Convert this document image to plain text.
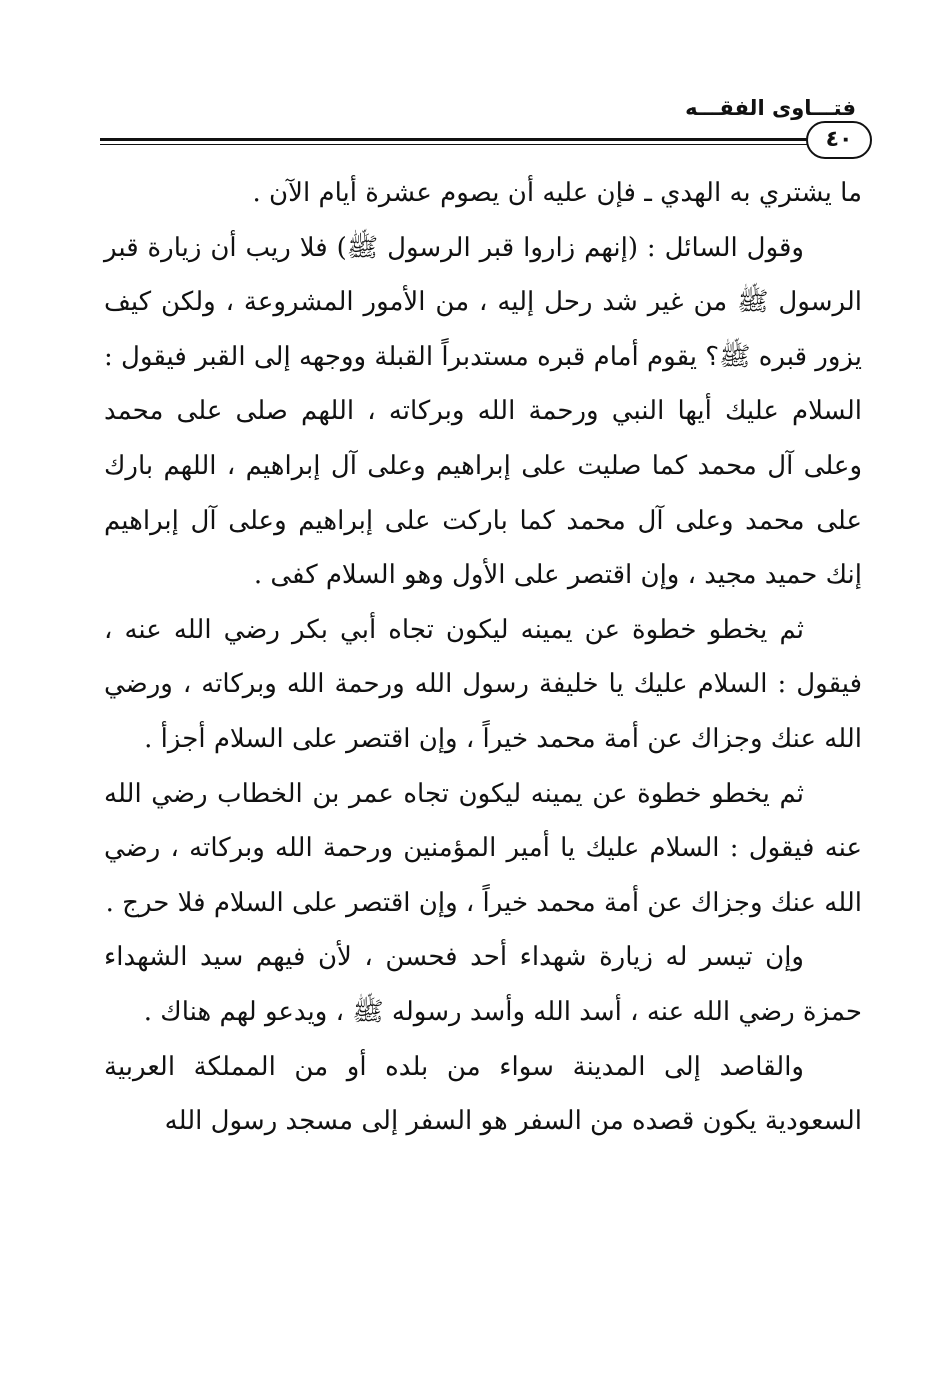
فتـــاوى الفقـــه
٤٠

ما يشتري به الهدي ـ فإن عليه أن يصوم عشرة أيام الآن .

وقول السائل : (إنهم زاروا قبر الرسول ﷺ) فلا ريب أن زيارة قبر الرسول ﷺ من غير شد رحل إليه ، من الأمور المشروعة ، ولكن كيف يزور قبره ﷺ؟ يقوم أمام قبره مستدبراً القبلة ووجهه إلى القبر فيقول : السلام عليك أيها النبي ورحمة الله وبركاته ، اللهم صلى على محمد وعلى آل محمد كما صليت على إبراهيم وعلى آل إبراهيم ، اللهم بارك على محمد وعلى آل محمد كما باركت على إبراهيم وعلى آل إبراهيم إنك حميد مجيد ، وإن اقتصر على الأول وهو السلام كفى .

ثم يخطو خطوة عن يمينه ليكون تجاه أبي بكر رضي الله عنه ، فيقول : السلام عليك يا خليفة رسول الله ورحمة الله وبركاته ، ورضي الله عنك وجزاك عن أمة محمد خيراً ، وإن اقتصر على السلام أجزأ .

ثم يخطو خطوة عن يمينه ليكون تجاه عمر بن الخطاب رضي الله عنه فيقول : السلام عليك يا أمير المؤمنين ورحمة الله وبركاته ، رضي الله عنك وجزاك عن أمة محمد خيراً ، وإن اقتصر على السلام فلا حرج .

وإن تيسر له زيارة شهداء أحد فحسن ، لأن فيهم سيد الشهداء حمزة رضي الله عنه ، أسد الله وأسد رسوله ﷺ ، ويدعو لهم هناك .

والقاصد إلى المدينة سواء من بلده أو من المملكة العربية السعودية يكون قصده من السفر هو السفر إلى مسجد رسول الله
